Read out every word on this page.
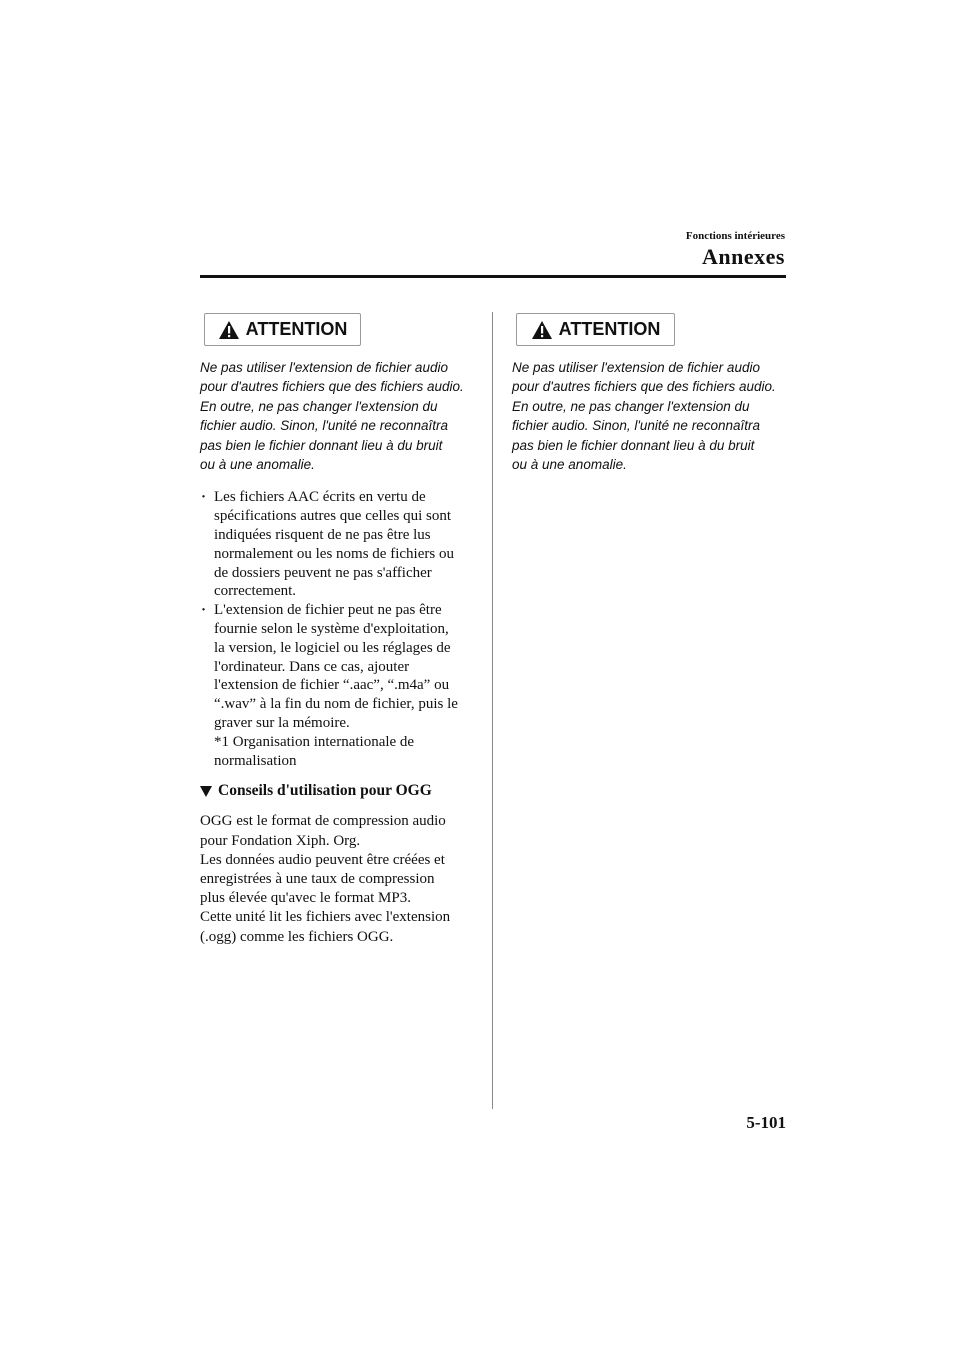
Fonctions intérieures
Annexes
ATTENTION
Ne pas utiliser l'extension de fichier audio
pour d'autres fichiers que des fichiers audio.
En outre, ne pas changer l'extension du
fichier audio. Sinon, l'unité ne reconnaîtra
pas bien le fichier donnant lieu à du bruit
ou à une anomalie.
· Les fichiers AAC écrits en vertu de
spécifications autres que celles qui sont
indiquées risquent de ne pas être lus
normalement ou les noms de fichiers ou
de dossiers peuvent ne pas s'afficher
correctement.
· L'extension de fichier peut ne pas être
fournie selon le système d'exploitation,
la version, le logiciel ou les réglages de
l'ordinateur. Dans ce cas, ajouter
l'extension de fichier “.aac”, “.m4a” ou
“.wav” à la fin du nom de fichier, puis le
graver sur la mémoire.
*1 Organisation internationale de
normalisation
Conseils d'utilisation pour OGG
OGG est le format de compression audio
pour Fondation Xiph. Org.
Les données audio peuvent être créées et
enregistrées à une taux de compression
plus élevée qu'avec le format MP3.
Cette unité lit les fichiers avec l'extension
(.ogg) comme les fichiers OGG.
ATTENTION
Ne pas utiliser l'extension de fichier audio
pour d'autres fichiers que des fichiers audio.
En outre, ne pas changer l'extension du
fichier audio. Sinon, l'unité ne reconnaîtra
pas bien le fichier donnant lieu à du bruit
ou à une anomalie.
5-101
